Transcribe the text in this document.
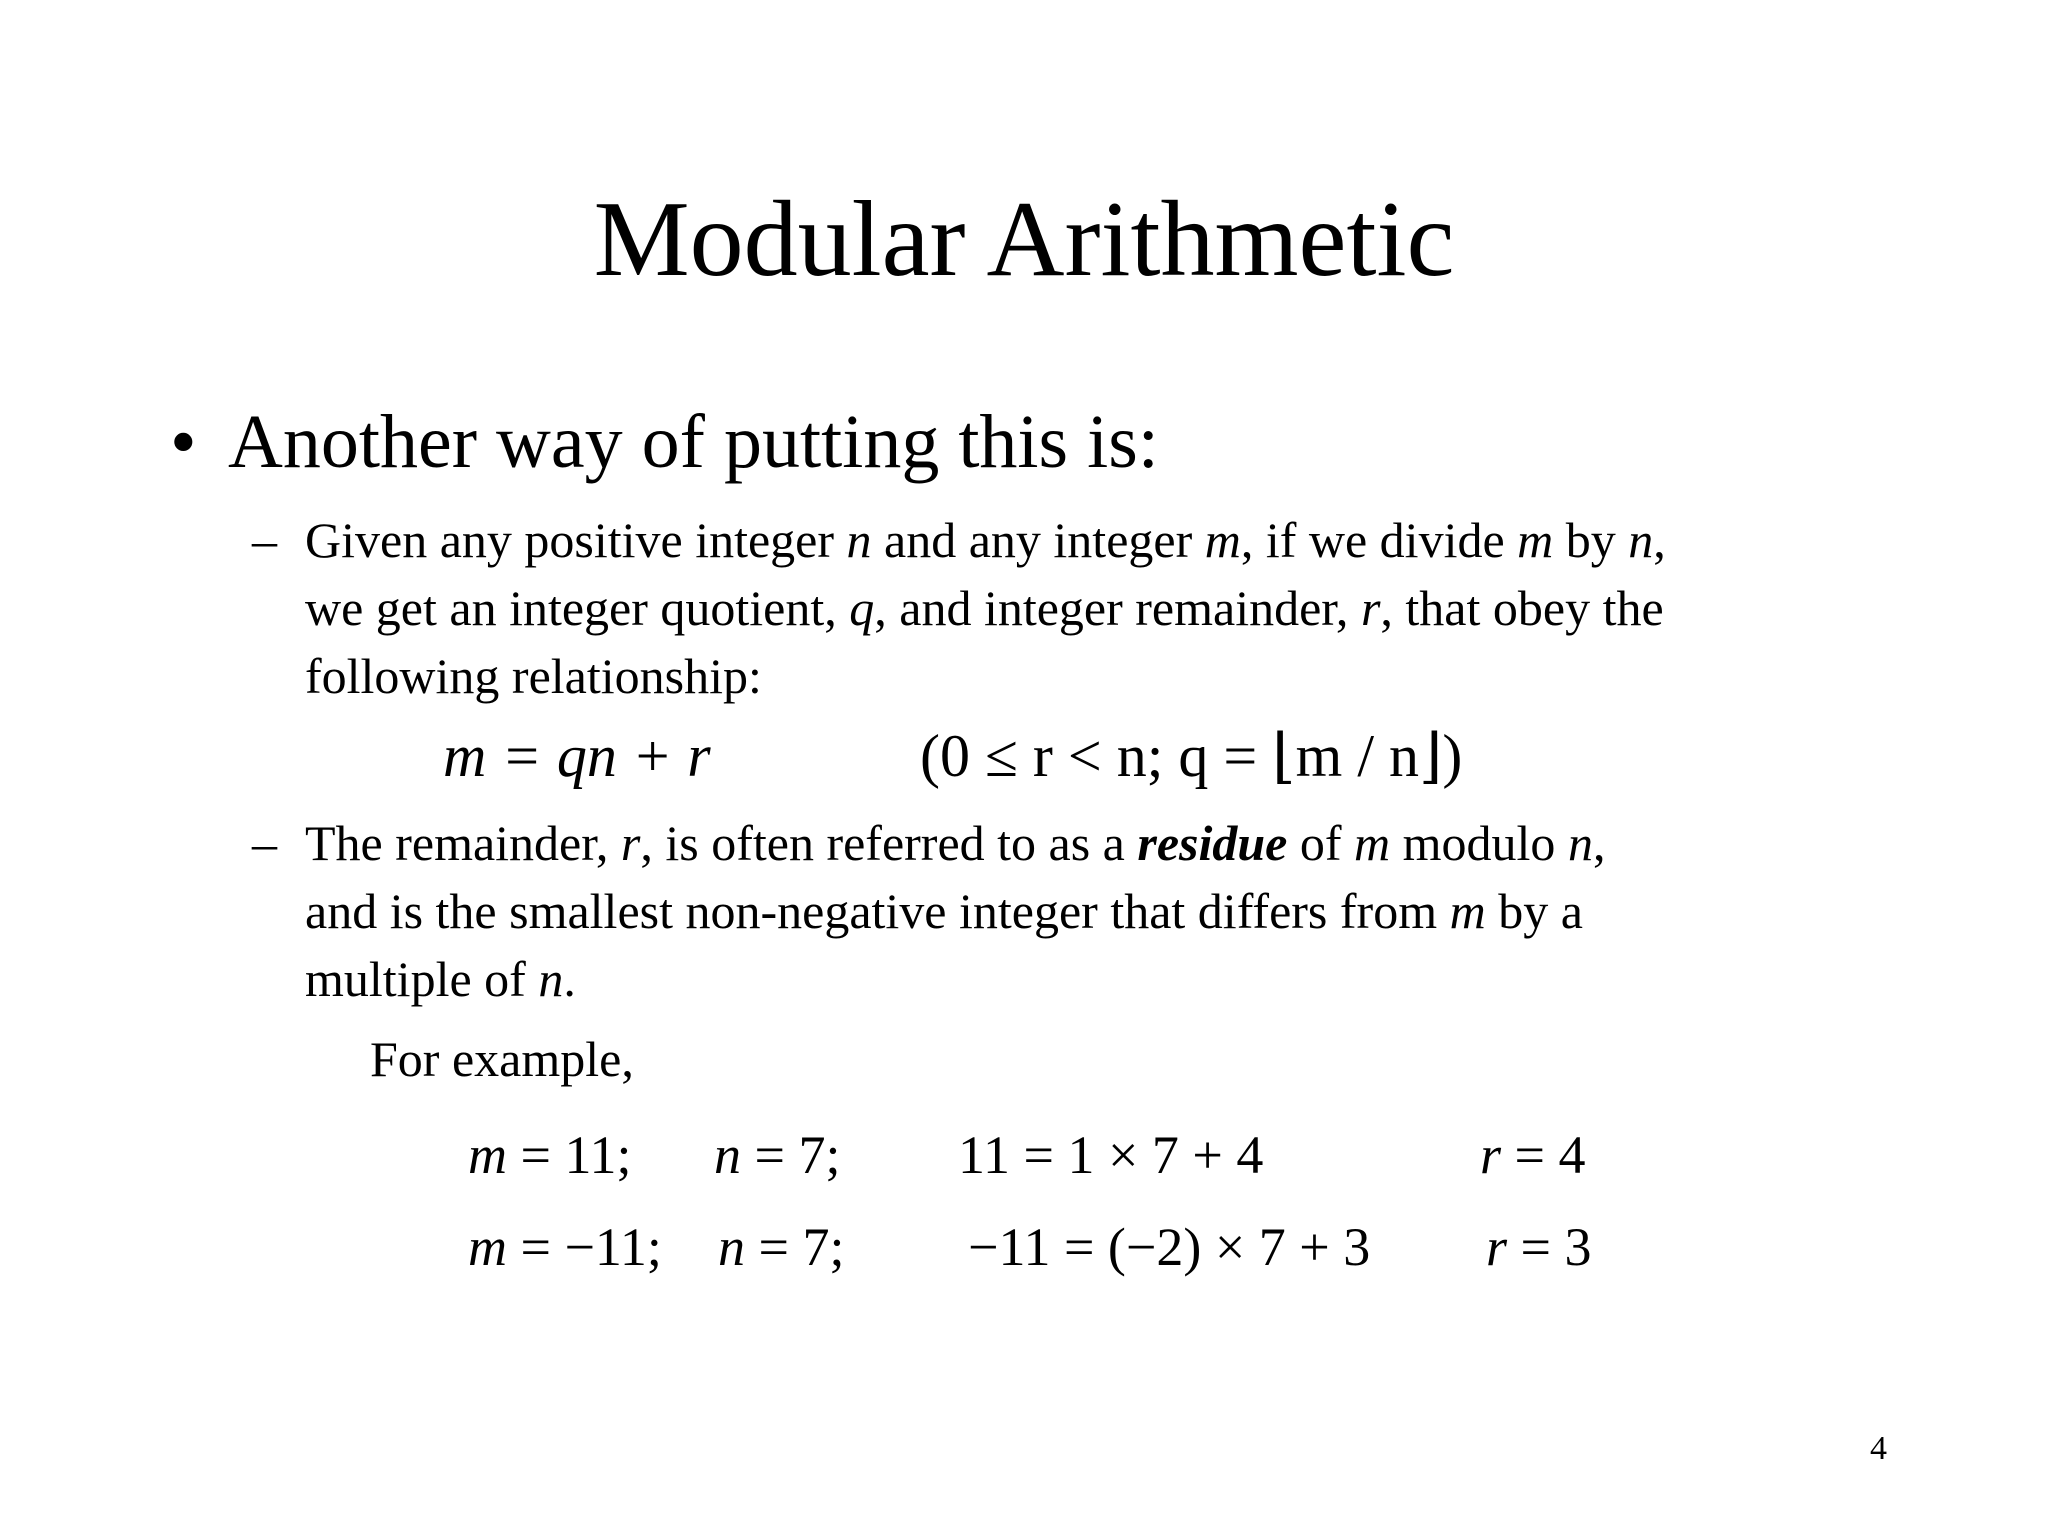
Modular Arithmetic
• Another way of putting this is:
– Given any positive integer n and any integer m, if we divide m by n,
we get an integer quotient, q, and integer remainder, r, that obey the
following relationship:
m = qn + r	(0 ≤ r < n; q = ⌊m / n⌋)
– The remainder, r, is often referred to as a residue of m modulo n,
and is the smallest non-negative integer that differs from m by a
multiple of n.
For example,
m = 11; n = 7; 11 = 1 × 7 + 4	r = 4
m = −11; n = 7; −11 = (−2) × 7 + 3 r = 3
4
